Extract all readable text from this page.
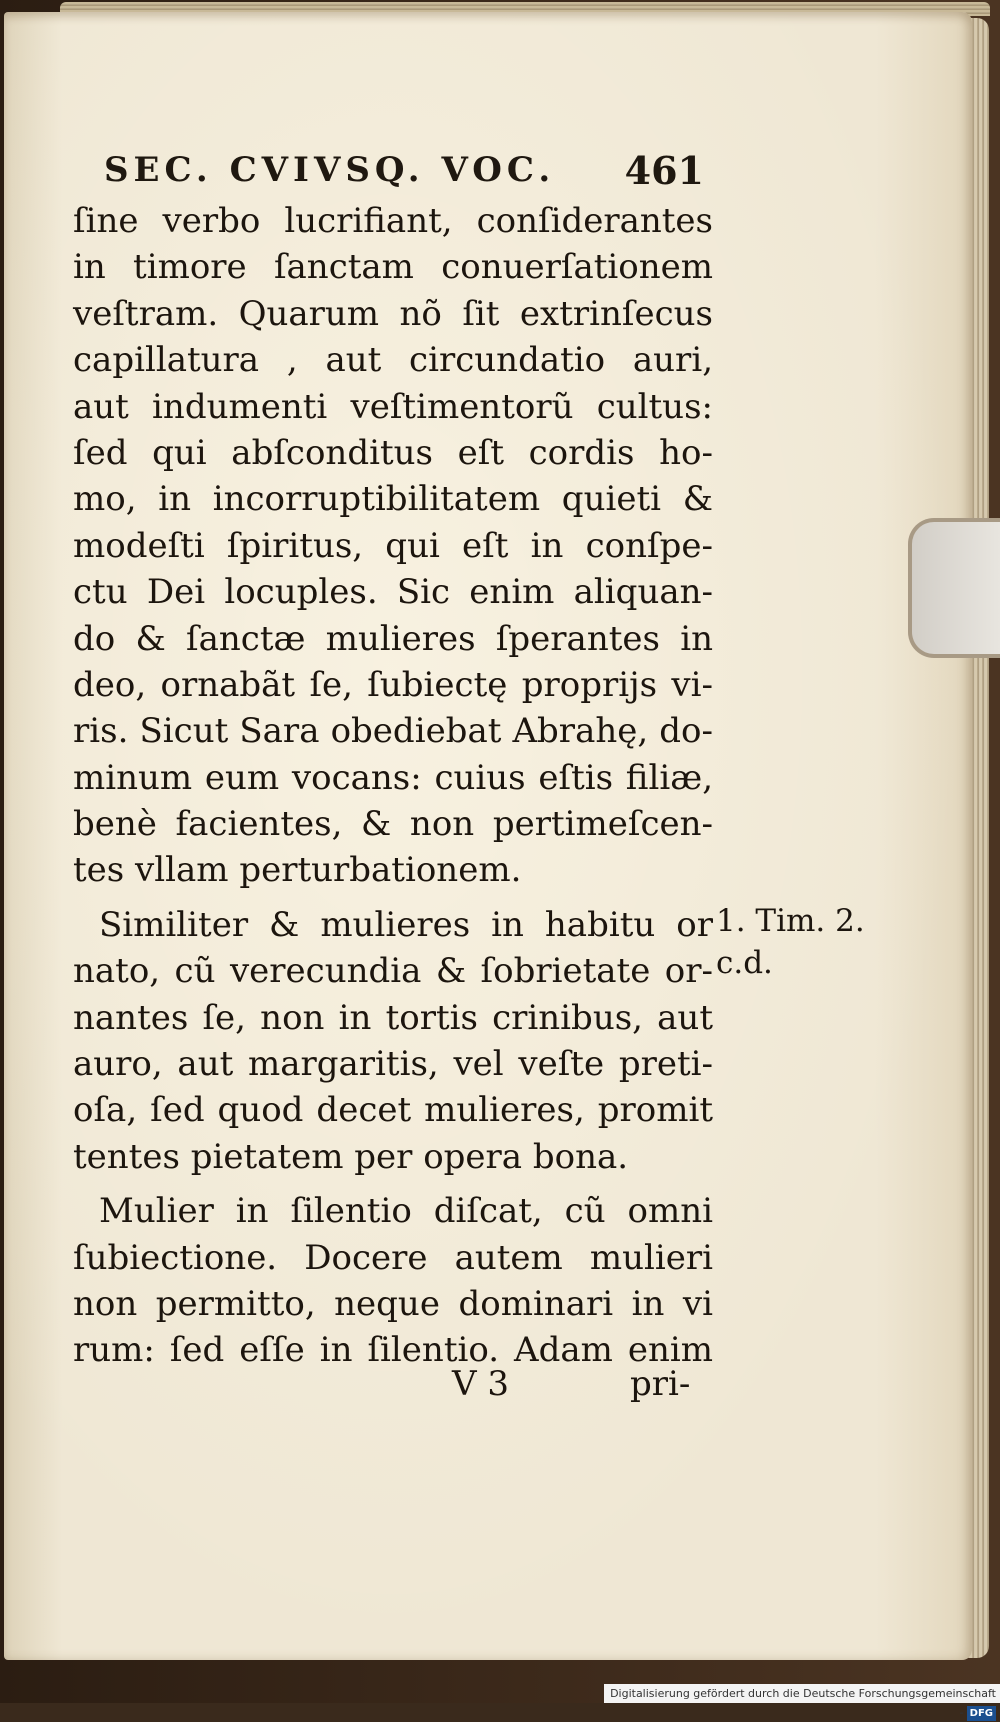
SEC. CVIVSQ. VOC. 461
ſine verbo lucrifiant, conſiderantes
in timore ſanctam conuerſationem
veſtram. Quarum nõ ſit extrinſecus
capillatura , aut circundatio auri,
aut indumenti veſtimentorũ cultus:
ſed qui abſconditus eſt cordis ho-
mo, in incorruptibilitatem quieti &
modeſti ſpiritus, qui eſt in conſpe-
ctu Dei locuples. Sic enim aliquan-
do & ſanctæ mulieres ſperantes in
deo, ornabãt ſe, ſubiectę proprijs vi-
ris. Sicut Sara obediebat Abrahę, do-
minum eum vocans: cuius eſtis filiæ,
benè facientes, & non pertimeſcen-
tes vllam perturbationem.
Similiter & mulieres in habitu or
nato, cũ verecundia & ſobrietate or-
nantes ſe, non in tortis crinibus, aut
auro, aut margaritis, vel veſte preti-
oſa, ſed quod decet mulieres, promit
tentes pietatem per opera bona.
Mulier in ſilentio diſcat, cũ omni
ſubiectione. Docere autem mulieri
non permitto, neque dominari in vi
rum: ſed eſſe in ſilentio. Adam enim
1. Tim. 2.
c.d.
V 3	pri-
Digitalisierung gefördert durch die Deutsche Forschungsgemeinschaft - DFG
